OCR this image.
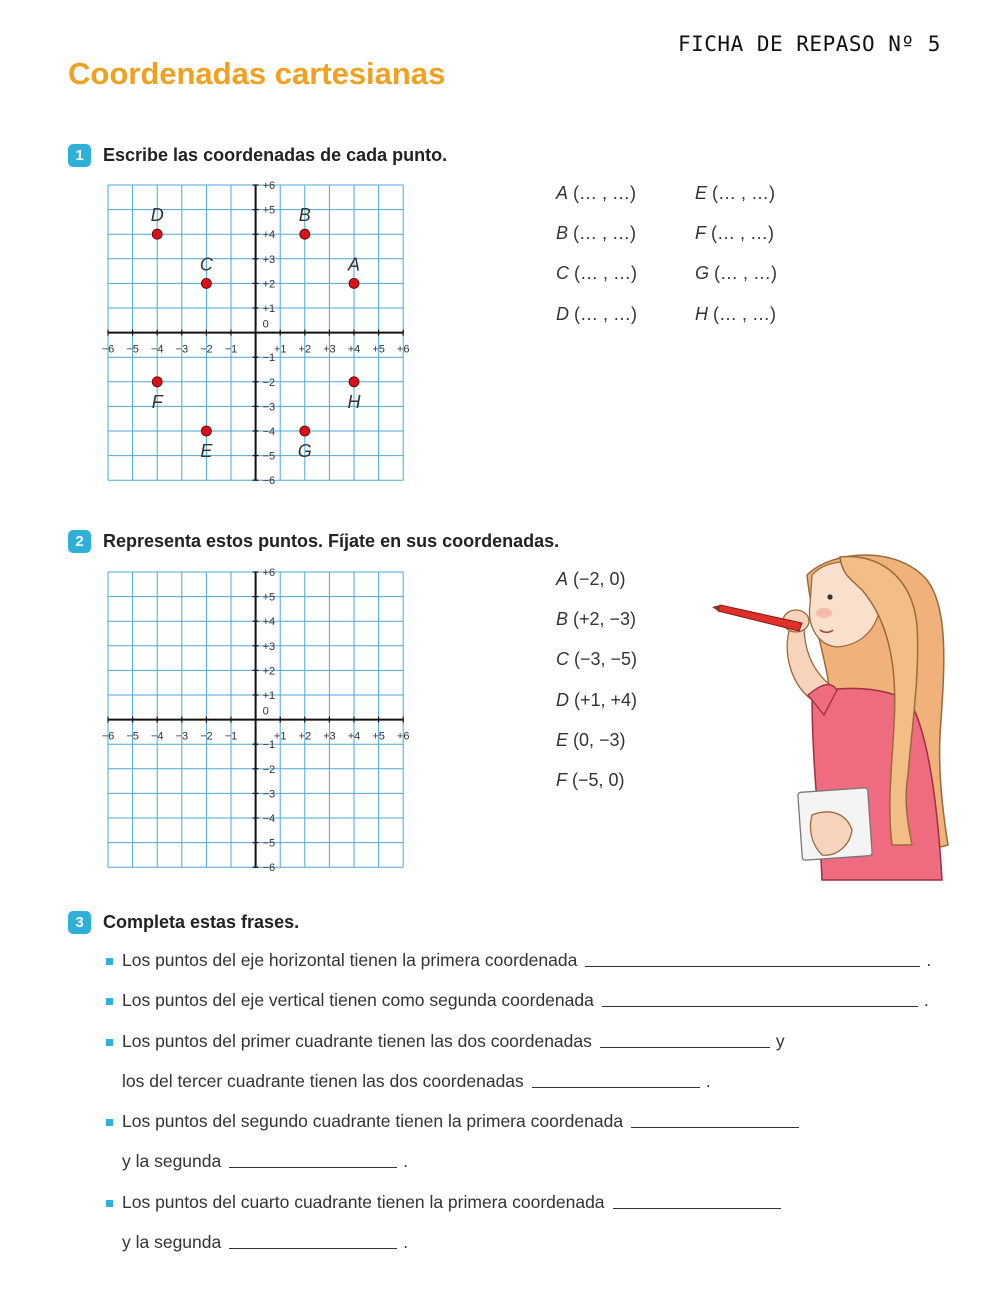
FICHA DE REPASO Nº 5
Coordenadas cartesianas
1	Escribe las coordenadas de cada punto.
−6 −5 −4 −3 −2 −1	+1 +2 +3 +4 +5 +6
+6
+5
+4
+3
+2
+1
−1
−2
−3
−4
−5
−6
0
A
B
C
D
E
F
G
H
A (… , …)	E (… , …)
B (… , …)	F (… , …)
C (… , …)	G (… , …)
D (… , …)	H (… , …)
2	Representa estos puntos. Fíjate en sus coordenadas.
−6 −5 −4 −3 −2 −1	+1 +2 +3 +4 +5 +6
+6
+5
+4
+3
+2
+1
−1
−2
−3
−4
−5
−6
0
A (−2, 0)
B (+2, −3)
C (−3, −5)
D (+1, +4)
E (0, −3)
F (−5, 0)
3	Completa estas frases.
Los puntos del eje horizontal tienen la primera coordenada	.
Los puntos del eje vertical tienen como segunda coordenada	.
Los puntos del primer cuadrante tienen las dos coordenadas	y
los del tercer cuadrante tienen las dos coordenadas	.
Los puntos del segundo cuadrante tienen la primera coordenada
y la segunda	.
Los puntos del cuarto cuadrante tienen la primera coordenada
y la segunda	.
